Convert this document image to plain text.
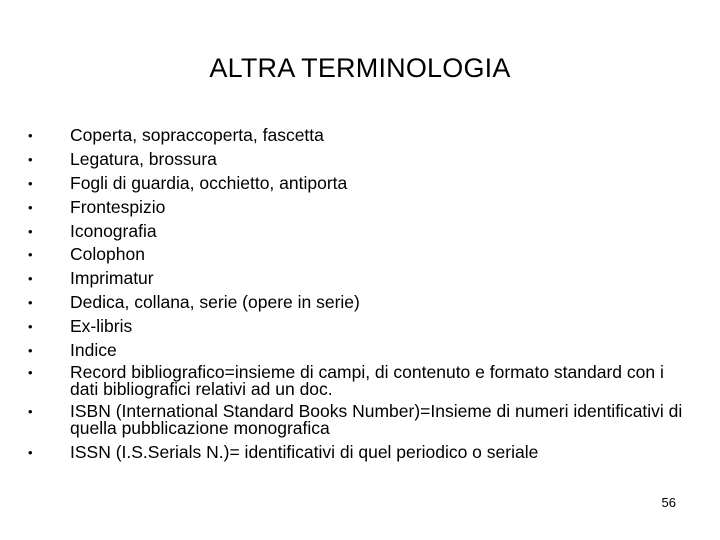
ALTRA TERMINOLOGIA
•	Coperta, sopraccoperta, fascetta
•	Legatura, brossura
•	Fogli di guardia, occhietto, antiporta
•	Frontespizio
•	Iconografia
•	Colophon
•	Imprimatur
•	Dedica, collana, serie (opere in serie)
•	Ex-libris
•	Indice
•	Record bibliografico=insieme di campi, di contenuto e formato standard con i dati bibliografici relativi ad un doc.
•	ISBN (International Standard Books Number)=Insieme di numeri identificativi di quella pubblicazione monografica
•	ISSN (I.S.Serials N.)= identificativi di quel periodico o seriale
56
